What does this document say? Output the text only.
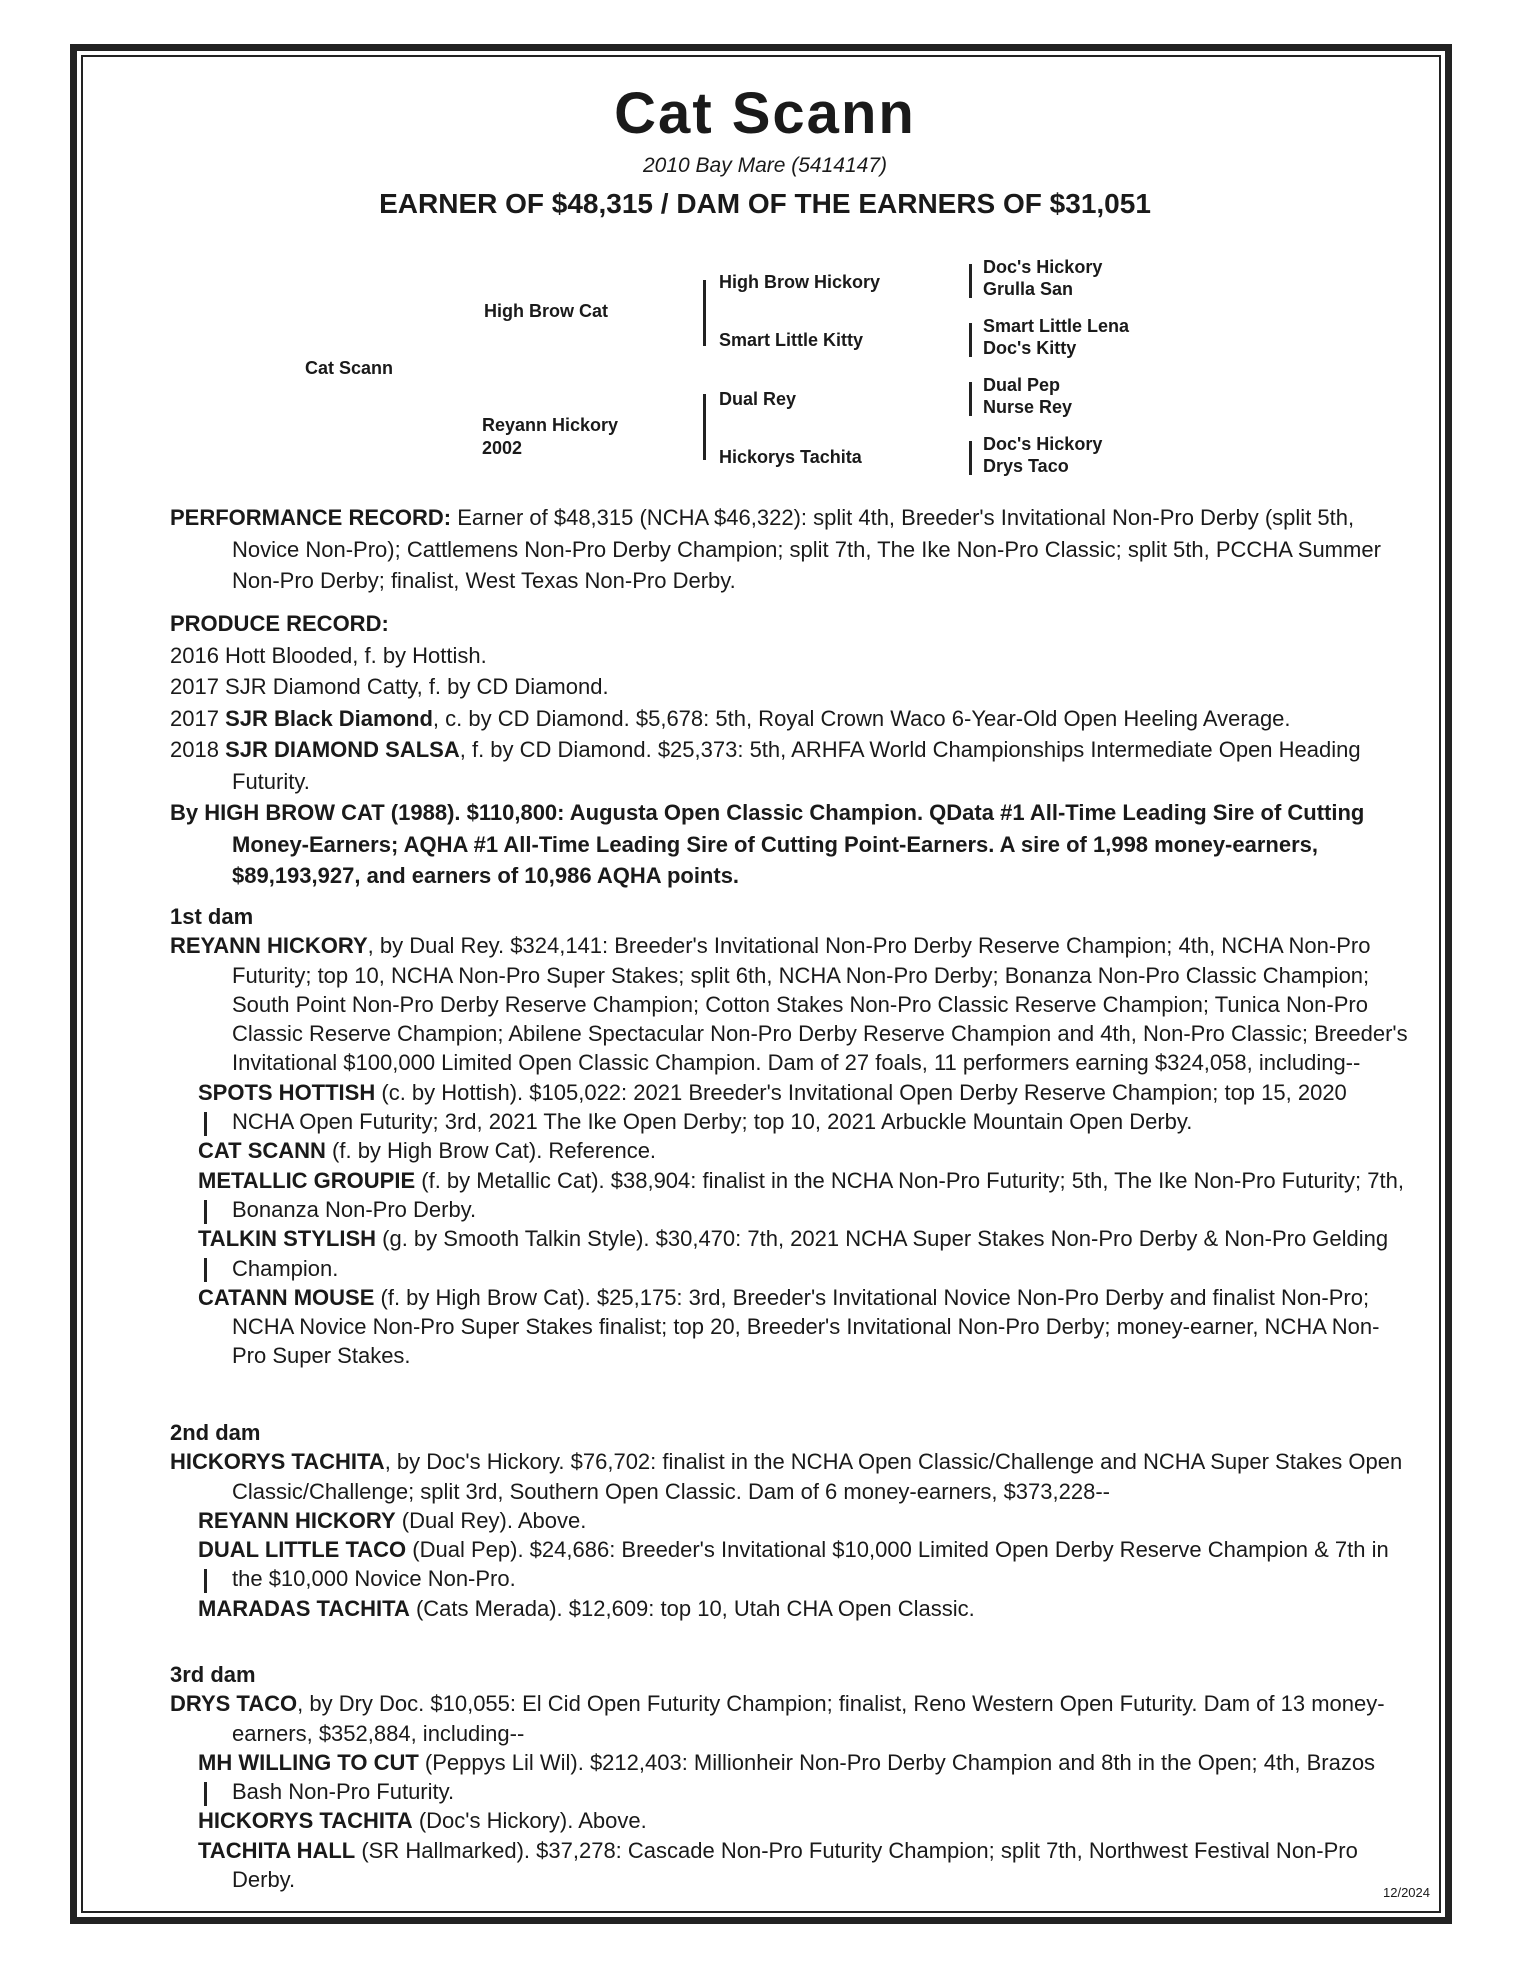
Cat Scann
2010 Bay Mare (5414147)
EARNER OF $48,315 / DAM OF THE EARNERS OF $31,051
Cat Scann
High Brow Cat
Reyann Hickory
2002
High Brow Hickory
Smart Little Kitty
Dual Rey
Hickorys Tachita
Doc's Hickory
Grulla San
Smart Little Lena
Doc's Kitty
Dual Pep
Nurse Rey
Doc's Hickory
Drys Taco

PERFORMANCE RECORD: Earner of $48,315 (NCHA $46,322): split 4th, Breeder's Invitational Non-Pro Derby (split 5th, Novice Non-Pro); Cattlemens Non-Pro Derby Champion; split 7th, The Ike Non-Pro Classic; split 5th, PCCHA Summer Non-Pro Derby; finalist, West Texas Non-Pro Derby.

PRODUCE RECORD:

2016 Hott Blooded, f. by Hottish.

2017 SJR Diamond Catty, f. by CD Diamond.

2017 SJR Black Diamond, c. by CD Diamond. $5,678: 5th, Royal Crown Waco 6-Year-Old Open Heeling Average.

2018 SJR DIAMOND SALSA, f. by CD Diamond. $25,373: 5th, ARHFA World Championships Intermediate Open Heading Futurity.

By HIGH BROW CAT (1988). $110,800: Augusta Open Classic Champion. QData #1 All-Time Leading Sire of Cutting Money-Earners; AQHA #1 All-Time Leading Sire of Cutting Point-Earners. A sire of 1,998 money-earners, $89,193,927, and earners of 10,986 AQHA points.

1st dam

REYANN HICKORY, by Dual Rey. $324,141: Breeder's Invitational Non-Pro Derby Reserve Champion; 4th, NCHA Non-Pro Futurity; top 10, NCHA Non-Pro Super Stakes; split 6th, NCHA Non-Pro Derby; Bonanza Non-Pro Classic Champion; South Point Non-Pro Derby Reserve Champion; Cotton Stakes Non-Pro Classic Reserve Champion; Tunica Non-Pro Classic Reserve Champion; Abilene Spectacular Non-Pro Derby Reserve Champion and 4th, Non-Pro Classic; Breeder's Invitational $100,000 Limited Open Classic Champion. Dam of 27 foals, 11 performers earning $324,058, including--

SPOTS HOTTISH (c. by Hottish). $105,022: 2021 Breeder's Invitational Open Derby Reserve Champion; top 15, 2020 NCHA Open Futurity; 3rd, 2021 The Ike Open Derby; top 10, 2021 Arbuckle Mountain Open Derby.

CAT SCANN (f. by High Brow Cat). Reference.

METALLIC GROUPIE (f. by Metallic Cat). $38,904: finalist in the NCHA Non-Pro Futurity; 5th, The Ike Non-Pro Futurity; 7th, Bonanza Non-Pro Derby.

TALKIN STYLISH (g. by Smooth Talkin Style). $30,470: 7th, 2021 NCHA Super Stakes Non-Pro Derby & Non-Pro Gelding Champion.

CATANN MOUSE (f. by High Brow Cat). $25,175: 3rd, Breeder's Invitational Novice Non-Pro Derby and finalist Non-Pro; NCHA Novice Non-Pro Super Stakes finalist; top 20, Breeder's Invitational Non-Pro Derby; money-earner, NCHA Non-Pro Super Stakes.

2nd dam

HICKORYS TACHITA, by Doc's Hickory. $76,702: finalist in the NCHA Open Classic/Challenge and NCHA Super Stakes Open Classic/Challenge; split 3rd, Southern Open Classic. Dam of 6 money-earners, $373,228--

REYANN HICKORY (Dual Rey). Above.

DUAL LITTLE TACO (Dual Pep). $24,686: Breeder's Invitational $10,000 Limited Open Derby Reserve Champion & 7th in the $10,000 Novice Non-Pro.

MARADAS TACHITA (Cats Merada). $12,609: top 10, Utah CHA Open Classic.

3rd dam

DRYS TACO, by Dry Doc. $10,055: El Cid Open Futurity Champion; finalist, Reno Western Open Futurity. Dam of 13 money-earners, $352,884, including--

MH WILLING TO CUT (Peppys Lil Wil). $212,403: Millionheir Non-Pro Derby Champion and 8th in the Open; 4th, Brazos Bash Non-Pro Futurity.

HICKORYS TACHITA (Doc's Hickory). Above.

TACHITA HALL (SR Hallmarked). $37,278: Cascade Non-Pro Futurity Champion; split 7th, Northwest Festival Non-Pro Derby.

12/2024
